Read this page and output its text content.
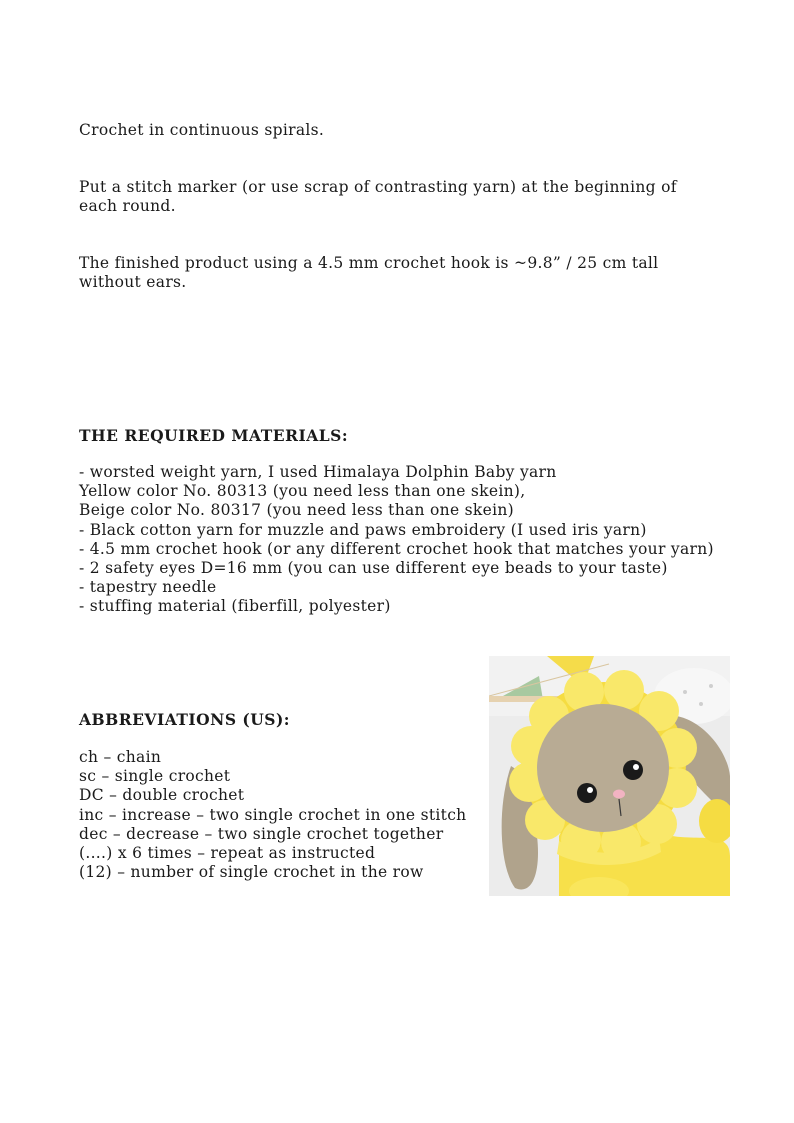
Crochet in continuous spirals.

Put a stitch marker (or use scrap of contrasting yarn) at the beginning of each round.

The finished product using a 4.5 mm crochet hook is ~9.8” / 25 cm tall without ears.

THE REQUIRED MATERIALS:
- worsted weight yarn, I used Himalaya Dolphin Baby yarn
Yellow color No. 80313 (you need less than one skein),
Beige color No. 80317 (you need less than one skein)
- Black cotton yarn for muzzle and paws embroidery (I used iris yarn)
- 4.5 mm crochet hook (or any different crochet hook that matches your yarn)
- 2 safety eyes D=16 mm (you can use different eye beads to your taste)
- tapestry needle
- stuffing material (fiberfill, polyester)
ABBREVIATIONS (US):
ch – chain
sc – single crochet
DC – double crochet
inc – increase – two single crochet in one stitch
dec – decrease – two single crochet together
(....) x 6 times – repeat as instructed
(12) – number of single crochet in the row
